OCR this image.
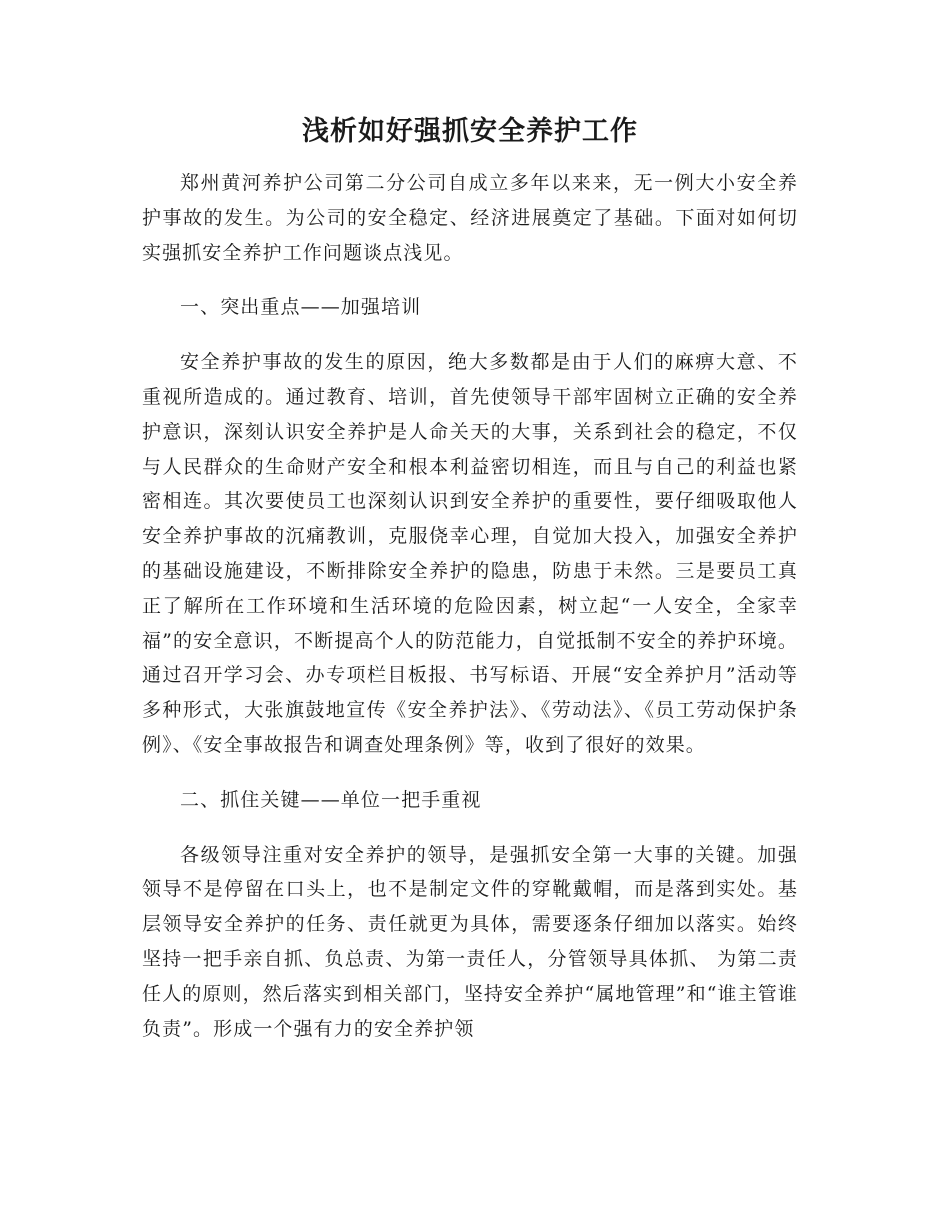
浅析如好强抓安全养护工作

郑州黄河养护公司第二分公司自成立多年以来来，无一例大小安全养护事故的发生。为公司的安全稳定、经济进展奠定了基础。下面对如何切实强抓安全养护工作问题谈点浅见。

一、突出重点——加强培训

安全养护事故的发生的原因，绝大多数都是由于人们的麻痹大意、不重视所造成的。通过教育、培训，首先使领导干部牢固树立正确的安全养护意识，深刻认识安全养护是人命关天的大事，关系到社会的稳定，不仅与人民群众的生命财产安全和根本利益密切相连，而且与自己的利益也紧密相连。其次要使员工也深刻认识到安全养护的重要性，要仔细吸取他人安全养护事故的沉痛教训，克服侥幸心理，自觉加大投入，加强安全养护的基础设施建设，不断排除安全养护的隐患，防患于未然。三是要员工真正了解所在工作环境和生活环境的危险因素，树立起“一人安全，全家幸福”的安全意识，不断提高个人的防范能力，自觉抵制不安全的养护环境。通过召开学习会、办专项栏目板报、书写标语、开展“安全养护月”活动等多种形式，大张旗鼓地宣传《安全养护法》、《劳动法》、《员工劳动保护条例》、《安全事故报告和调查处理条例》等，收到了很好的效果。

二、抓住关键——单位一把手重视

各级领导注重对安全养护的领导，是强抓安全第一大事的关键。加强领导不是停留在口头上，也不是制定文件的穿靴戴帽，而是落到实处。基层领导安全养护的任务、责任就更为具体，需要逐条仔细加以落实。始终坚持一把手亲自抓、负总责、为第一责任人，分管领导具体抓、 为第二责任人的原则，然后落实到相关部门，坚持安全养护“属地管理”和“谁主管谁负责”。形成一个强有力的安全养护领
